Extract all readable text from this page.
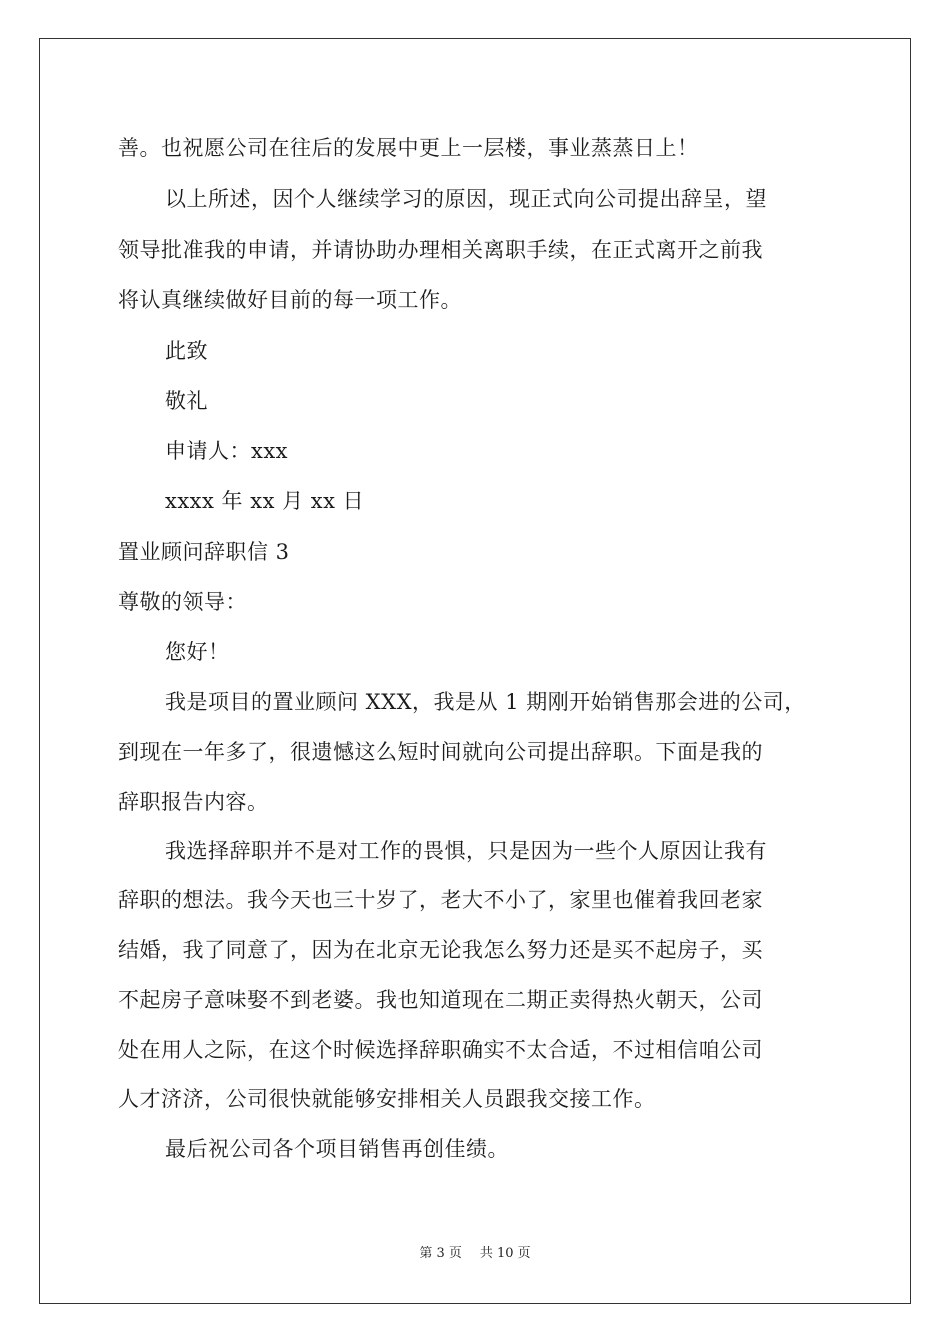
善。也祝愿公司在往后的发展中更上一层楼，事业蒸蒸日上！
以上所述，因个人继续学习的原因，现正式向公司提出辞呈，望
领导批准我的申请，并请协助办理相关离职手续，在正式离开之前我
将认真继续做好目前的每一项工作。
此致
敬礼
申请人：xxx
xxxx 年 xx 月 xx 日
置业顾问辞职信 3
尊敬的领导：
您好！
我是项目的置业顾问 XXX，我是从 1 期刚开始销售那会进的公司，
到现在一年多了，很遗憾这么短时间就向公司提出辞职。下面是我的
辞职报告内容。
我选择辞职并不是对工作的畏惧，只是因为一些个人原因让我有
辞职的想法。我今天也三十岁了，老大不小了，家里也催着我回老家
结婚，我了同意了，因为在北京无论我怎么努力还是买不起房子，买
不起房子意味娶不到老婆。我也知道现在二期正卖得热火朝天，公司
处在用人之际，在这个时候选择辞职确实不太合适，不过相信咱公司
人才济济，公司很快就能够安排相关人员跟我交接工作。
最后祝公司各个项目销售再创佳绩。
第 3 页 共 10 页
